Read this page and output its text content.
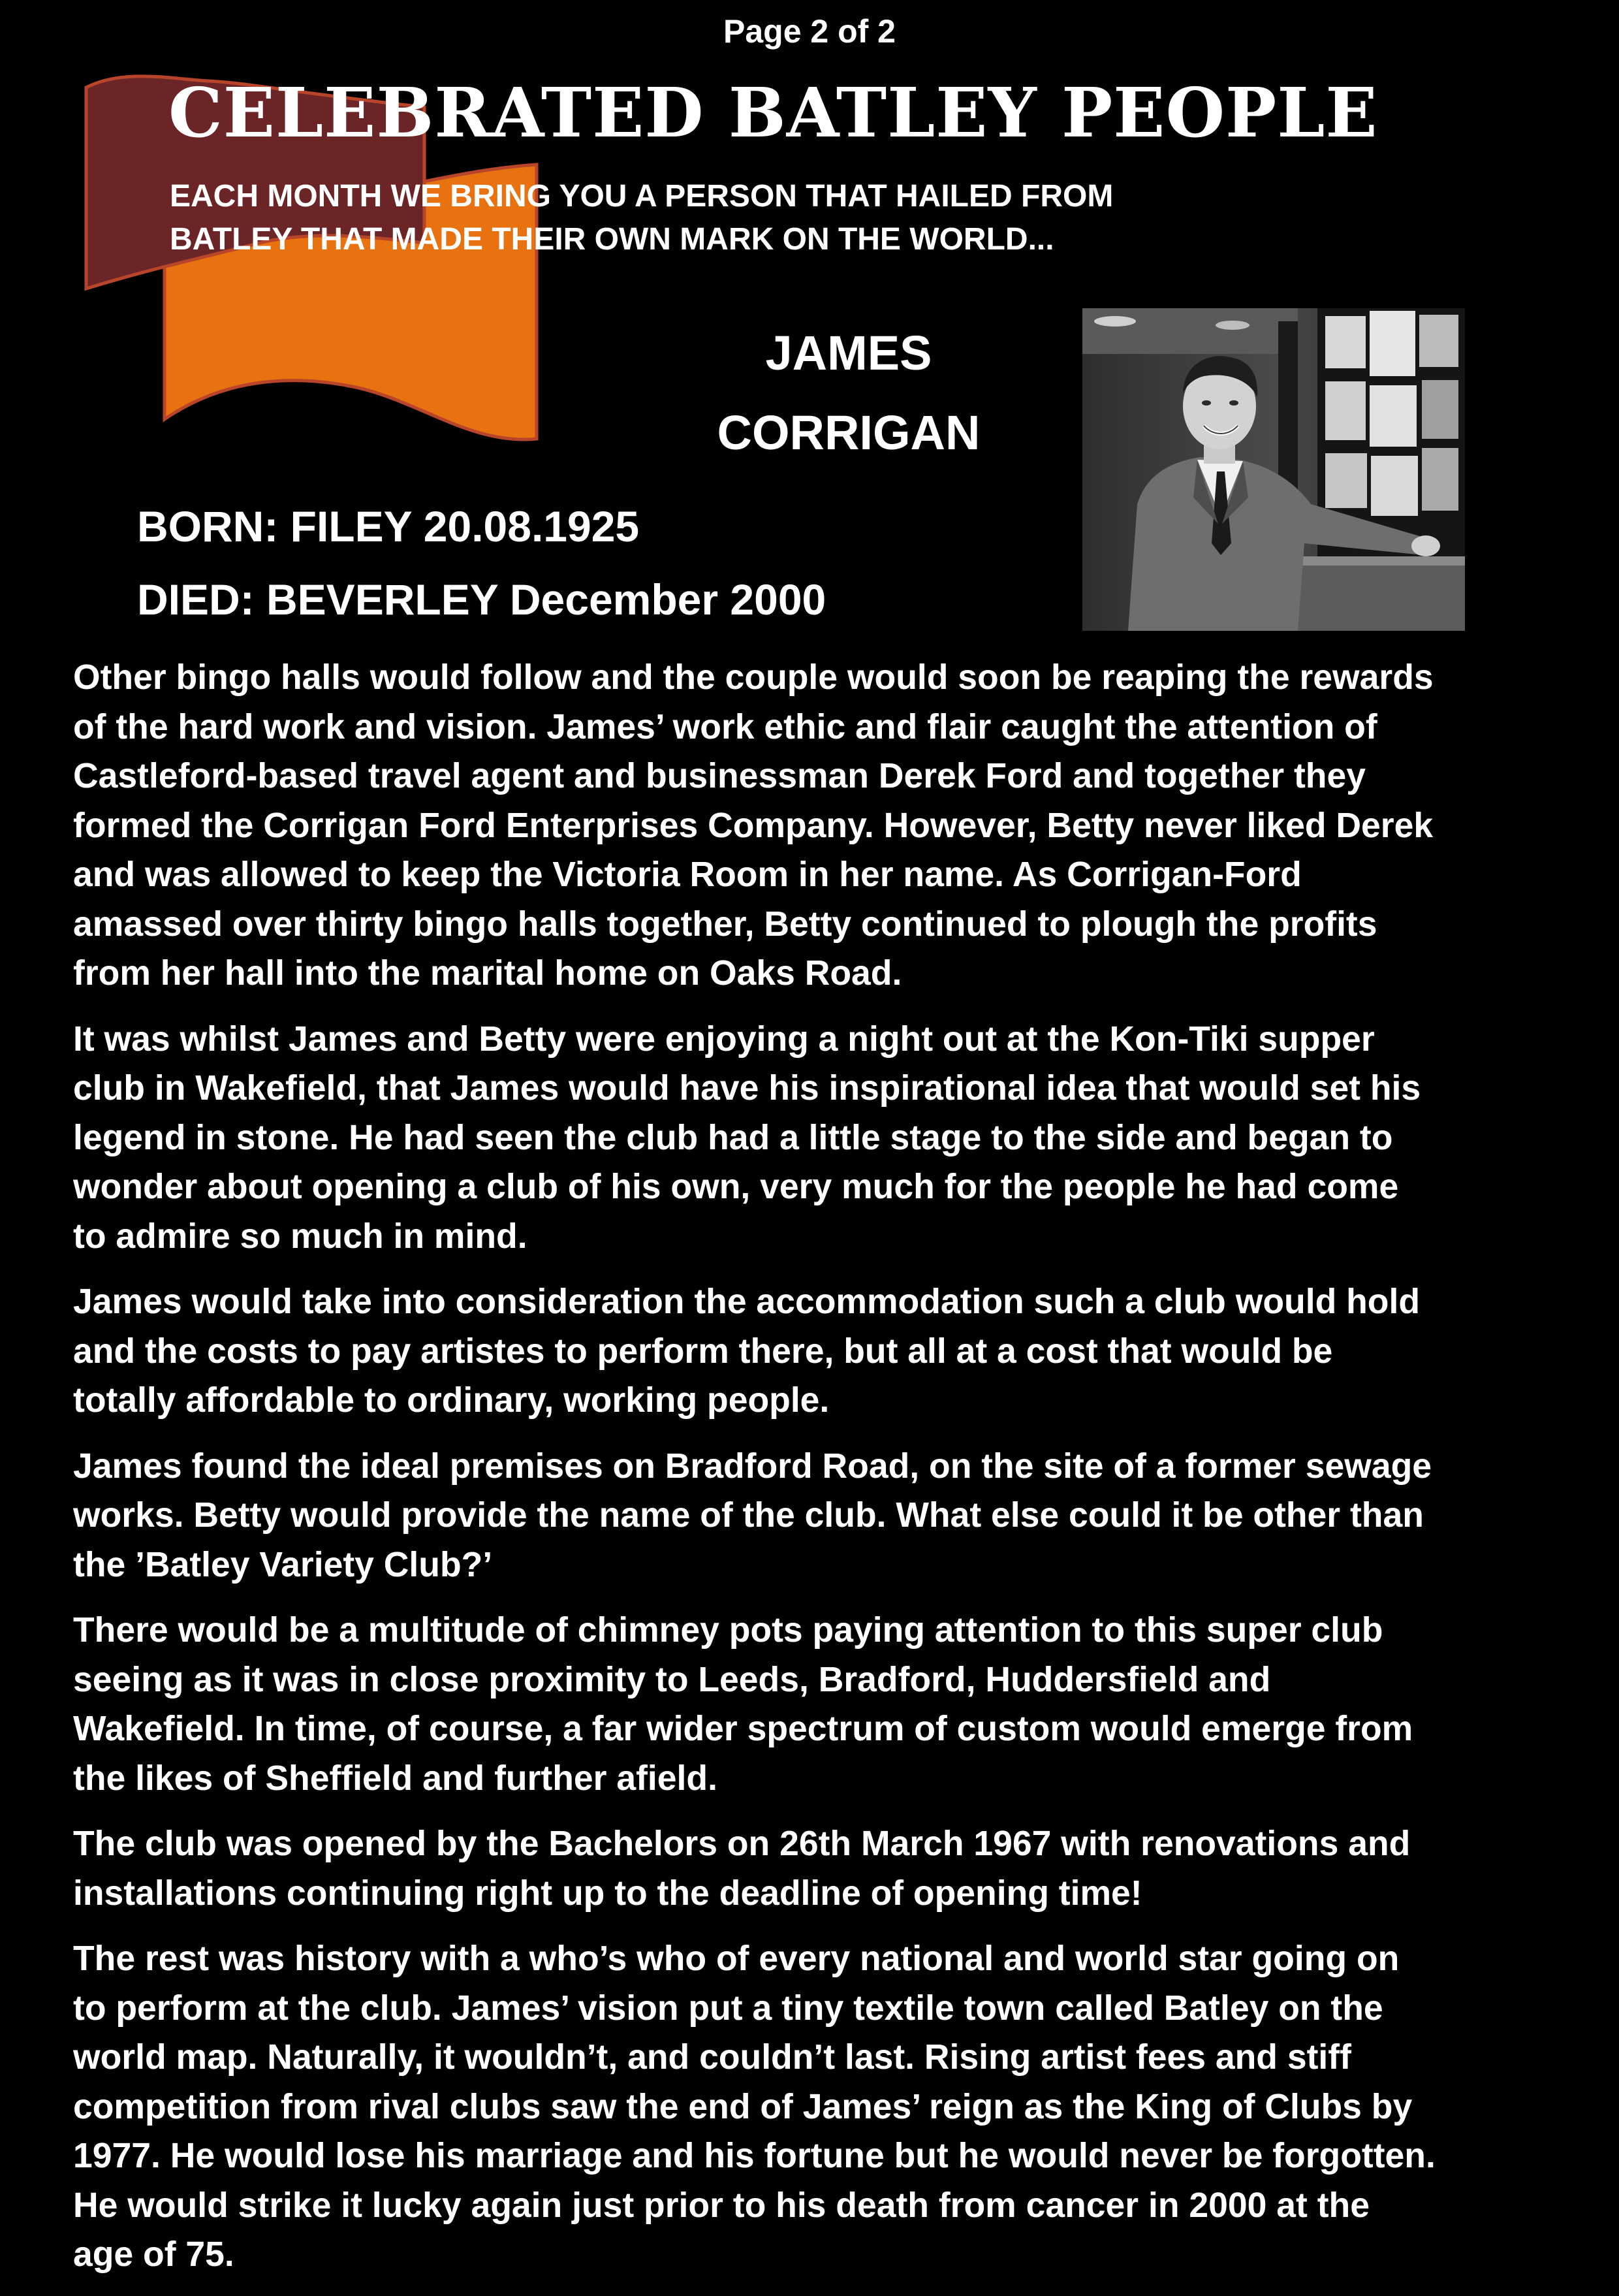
Page 2 of 2
CELEBRATED BATLEY PEOPLE
EACH MONTH WE BRING YOU A PERSON THAT HAILED FROM
BATLEY THAT MADE THEIR OWN MARK ON THE WORLD...
JAMES
CORRIGAN
BORN: FILEY 20.08.1925
DIED: BEVERLEY December 2000

Other bingo halls would follow and the couple would soon be reaping the rewards
of the hard work and vision. James’ work ethic and flair caught the attention of
Castleford-based travel agent and businessman Derek Ford and together they
formed the Corrigan Ford Enterprises Company. However, Betty never liked Derek
and was allowed to keep the Victoria Room in her name. As Corrigan-Ford
amassed over thirty bingo halls together, Betty continued to plough the profits
from her hall into the marital home on Oaks Road.

It was whilst James and Betty were enjoying a night out at the Kon-Tiki supper
club in Wakefield, that James would have his inspirational idea that would set his
legend in stone. He had seen the club had a little stage to the side and began to
wonder about opening a club of his own, very much for the people he had come
to admire so much in mind.

James would take into consideration the accommodation such a club would hold
and the costs to pay artistes to perform there, but all at a cost that would be
totally affordable to ordinary, working people.

James found the ideal premises on Bradford Road, on the site of a former sewage
works. Betty would provide the name of the club. What else could it be other than
the ’Batley Variety Club?’

There would be a multitude of chimney pots paying attention to this super club
seeing as it was in close proximity to Leeds, Bradford, Huddersfield and
Wakefield. In time, of course, a far wider spectrum of custom would emerge from
the likes of Sheffield and further afield.

The club was opened by the Bachelors on 26th March 1967 with renovations and
installations continuing right up to the deadline of opening time!

The rest was history with a who’s who of every national and world star going on
to perform at the club. James’ vision put a tiny textile town called Batley on the
world map. Naturally, it wouldn’t, and couldn’t last. Rising artist fees and stiff
competition from rival clubs saw the end of James’ reign as the King of Clubs by
1977. He would lose his marriage and his fortune but he would never be forgotten.
He would strike it lucky again just prior to his death from cancer in 2000 at the
age of 75.
